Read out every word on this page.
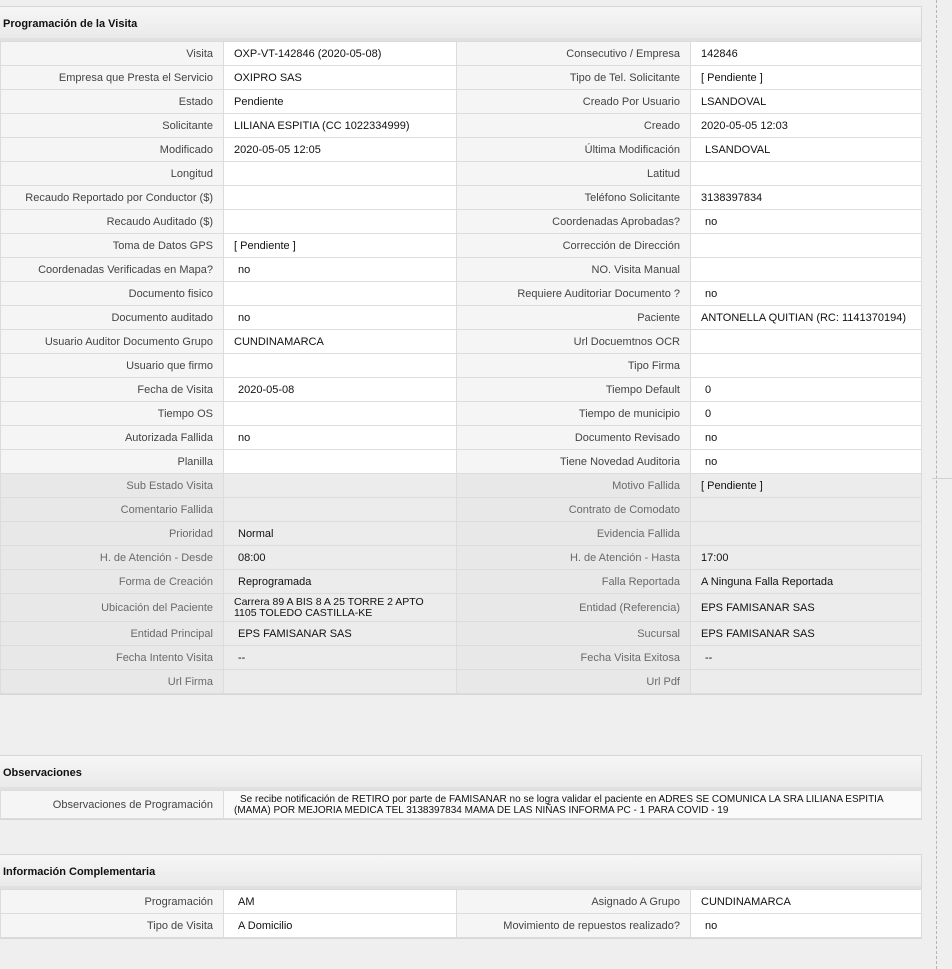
Programación de la Visita
Visita	OXP-VT-142846 (2020-05-08)	Consecutivo / Empresa	142846
Empresa que Presta el Servicio	OXIPRO SAS	Tipo de Tel. Solicitante	[ Pendiente ]
Estado	Pendiente	Creado Por Usuario	LSANDOVAL
Solicitante	LILIANA ESPITIA (CC 1022334999)	Creado	2020-05-05 12:03
Modificado	2020-05-05 12:05	Última Modificación	LSANDOVAL
Longitud		Latitud	
Recaudo Reportado por Conductor ($)		Teléfono Solicitante	3138397834
Recaudo Auditado ($)		Coordenadas Aprobadas?	no
Toma de Datos GPS	[ Pendiente ]	Corrección de Dirección	
Coordenadas Verificadas en Mapa?	no	NO. Visita Manual	
Documento fisico		Requiere Auditoriar Documento ?	no
Documento auditado	no	Paciente	ANTONELLA QUITIAN (RC: 1141370194)
Usuario Auditor Documento Grupo	CUNDINAMARCA	Url Docuemtnos OCR	
Usuario que firmo		Tipo Firma	
Fecha de Visita	2020-05-08	Tiempo Default	0
Tiempo OS		Tiempo de municipio	0
Autorizada Fallida	no	Documento Revisado	no
Planilla		Tiene Novedad Auditoria	no
Sub Estado Visita		Motivo Fallida	[ Pendiente ]
Comentario Fallida		Contrato de Comodato	
Prioridad	Normal	Evidencia Fallida	
H. de Atención - Desde	08:00	H. de Atención - Hasta	17:00
Forma de Creación	Reprogramada	Falla Reportada	A Ninguna Falla Reportada
Ubicación del Paciente	Carrera 89 A BIS 8 A 25 TORRE 2 APTO 1105 TOLEDO CASTILLA-KE	Entidad (Referencia)	EPS FAMISANAR SAS
Entidad Principal	EPS FAMISANAR SAS	Sucursal	EPS FAMISANAR SAS
Fecha Intento Visita	--	Fecha Visita Exitosa	--
Url Firma		Url Pdf	
Observaciones
Observaciones de Programación	Se recibe notificación de RETIRO por parte de FAMISANAR no se logra validar el paciente en ADRES SE COMUNICA LA SRA LILIANA ESPITIA (MAMA) POR MEJORIA MEDICA TEL 3138397834 MAMA DE LAS NIÑAS INFORMA PC - 1 PARA COVID - 19
Información Complementaria
Programación	AM	Asignado A Grupo	CUNDINAMARCA
Tipo de Visita	A Domicilio	Movimiento de repuestos realizado?	no
